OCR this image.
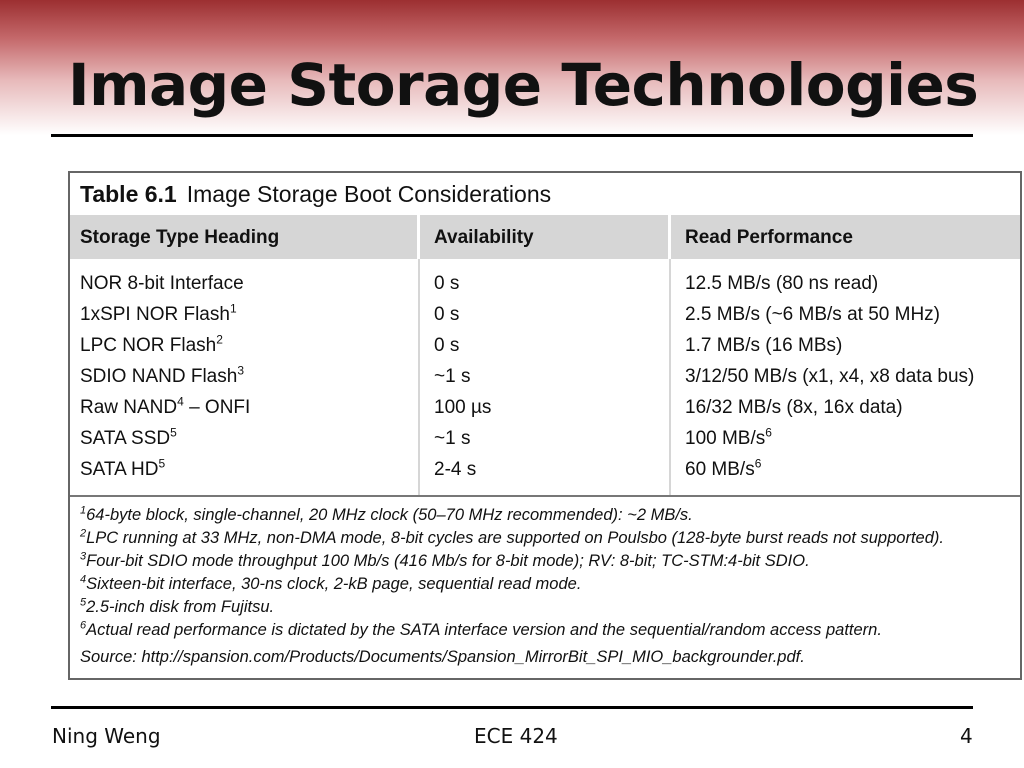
Image Storage Technologies
Table 6.1 Image Storage Boot Considerations
Storage Type Heading	Availability	Read Performance
NOR 8-bit Interface	0 s	12.5 MB/s (80 ns read)
1xSPI NOR Flash$^1$	0 s	2.5 MB/s (~6 MB/s at 50 MHz)
LPC NOR Flash$^2$	0 s	1.7 MB/s (16 MBs)
SDIO NAND Flash$^3$	~1 s	3/12/50 MB/s (x1, x4, x8 data bus)
Raw NAND$^4$ – ONFI	100 µs	16/32 MB/s (8x, 16x data)
SATA SSD$^5$	~1 s	100 $MB/s^6$
SATA $HD^5$	2-4 s	60 $MB/s^6$
$^1$64-byte block, single-channel, 20 MHz clock (50–70 MHz recommended): ~2 MB/s.
$^2$LPC running at 33 MHz, non-DMA mode, 8-bit cycles are supported on Poulsbo (128-byte burst reads not supported).
$^3$Four-bit SDIO mode throughput 100 Mb/s (416 Mb/s for 8-bit mode); RV: 8-bit; TC-STM:4-bit SDIO.
$^4$Sixteen-bit interface, 30-ns clock, 2-kB page, sequential read mode.
$^5$2.5-inch disk from Fujitsu.
$^6$Actual read performance is dictated by the SATA interface version and the sequential/random access pattern.
Source: http://spansion.com/Products/Documents/Spansion_MirrorBit_SPI_MIO_backgrounder.pdf.
Ning Weng	ECE 424	4
